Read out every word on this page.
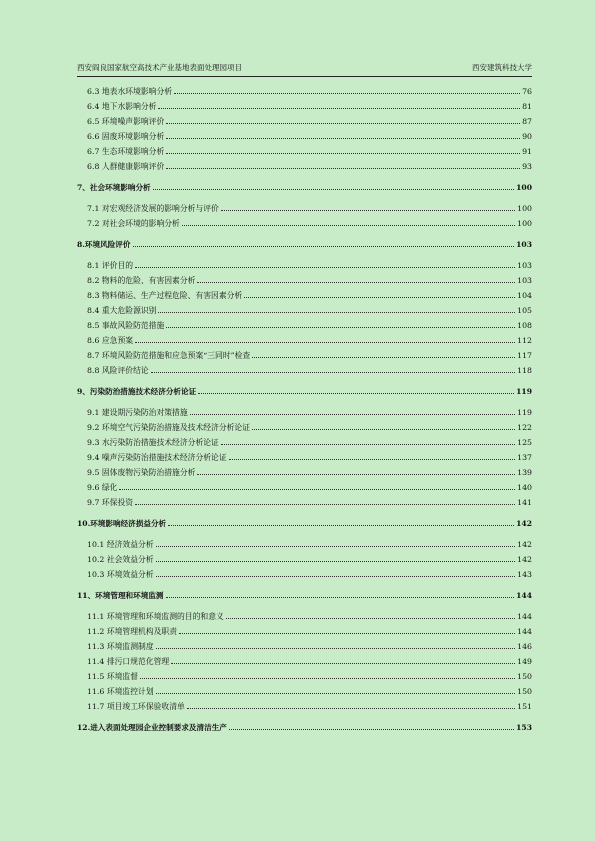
西安阎良国家航空高技术产业基地表面处理园项目	西安建筑科技大学
6.3 地表水环境影响分析	76
6.4 地下水影响分析	81
6.5 环境噪声影响评价	87
6.6 固废环境影响分析	90
6.7 生态环境影响分析	91
6.8 人群健康影响评价	93
7、社会环境影响分析	100
7.1 对宏观经济发展的影响分析与评价	100
7.2 对社会环境的影响分析	100
8.环境风险评价	103
8.1 评价目的	103
8.2 物料的危险、有害因素分析	103
8.3 物料储运、生产过程危险、有害因素分析	104
8.4 重大危险源识别	105
8.5 事故风险防范措施	108
8.6 应急预案	112
8.7 环境风险防范措施和应急预案“三同时”检查	117
8.8 风险评价结论	118
9、污染防治措施技术经济分析论证	119
9.1 建设期污染防治对策措施	119
9.2 环境空气污染防治措施及技术经济分析论证	122
9.3 水污染防治措施技术经济分析论证	125
9.4 噪声污染防治措施技术经济分析论证	137
9.5 固体废物污染防治措施分析	139
9.6 绿化	140
9.7 环保投资	141
10.环境影响经济损益分析	142
10.1 经济效益分析	142
10.2 社会效益分析	142
10.3 环境效益分析	143
11、环境管理和环境监测	144
11.1 环境管理和环境监测的目的和意义	144
11.2 环境管理机构及职责	144
11.3 环境监测制度	146
11.4 排污口规范化管理	149
11.5 环境监督	150
11.6 环境监控计划	150
11.7 项目竣工环保验收清单	151
12.进入表面处理园企业控制要求及清洁生产	153
